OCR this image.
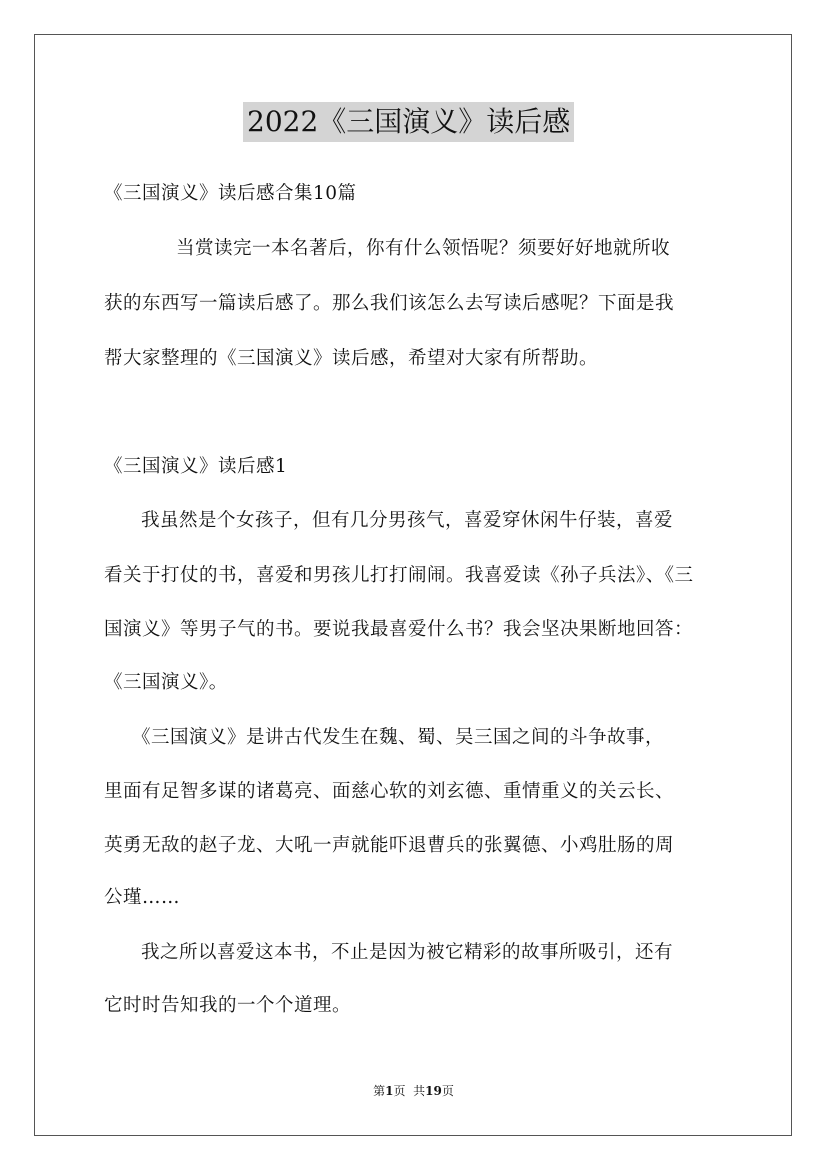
2022《三国演义》读后感
《三国演义》读后感合集10篇
当赏读完一本名著后，你有什么领悟呢？须要好好地就所收
获的东西写一篇读后感了。那么我们该怎么去写读后感呢？下面是我
帮大家整理的《三国演义》读后感，希望对大家有所帮助。
《三国演义》读后感1
我虽然是个女孩子，但有几分男孩气，喜爱穿休闲牛仔装，喜爱
看关于打仗的书，喜爱和男孩儿打打闹闹。我喜爱读《孙子兵法》、《三
国演义》等男子气的书。要说我最喜爱什么书？我会坚决果断地回答：
《三国演义》。
《三国演义》是讲古代发生在魏、蜀、吴三国之间的斗争故事，
里面有足智多谋的诸葛亮、面慈心软的刘玄德、重情重义的关云长、
英勇无敌的赵子龙、大吼一声就能吓退曹兵的张翼德、小鸡肚肠的周
公瑾……
我之所以喜爱这本书，不止是因为被它精彩的故事所吸引，还有
它时时告知我的一个个道理。
第1页 共19页
